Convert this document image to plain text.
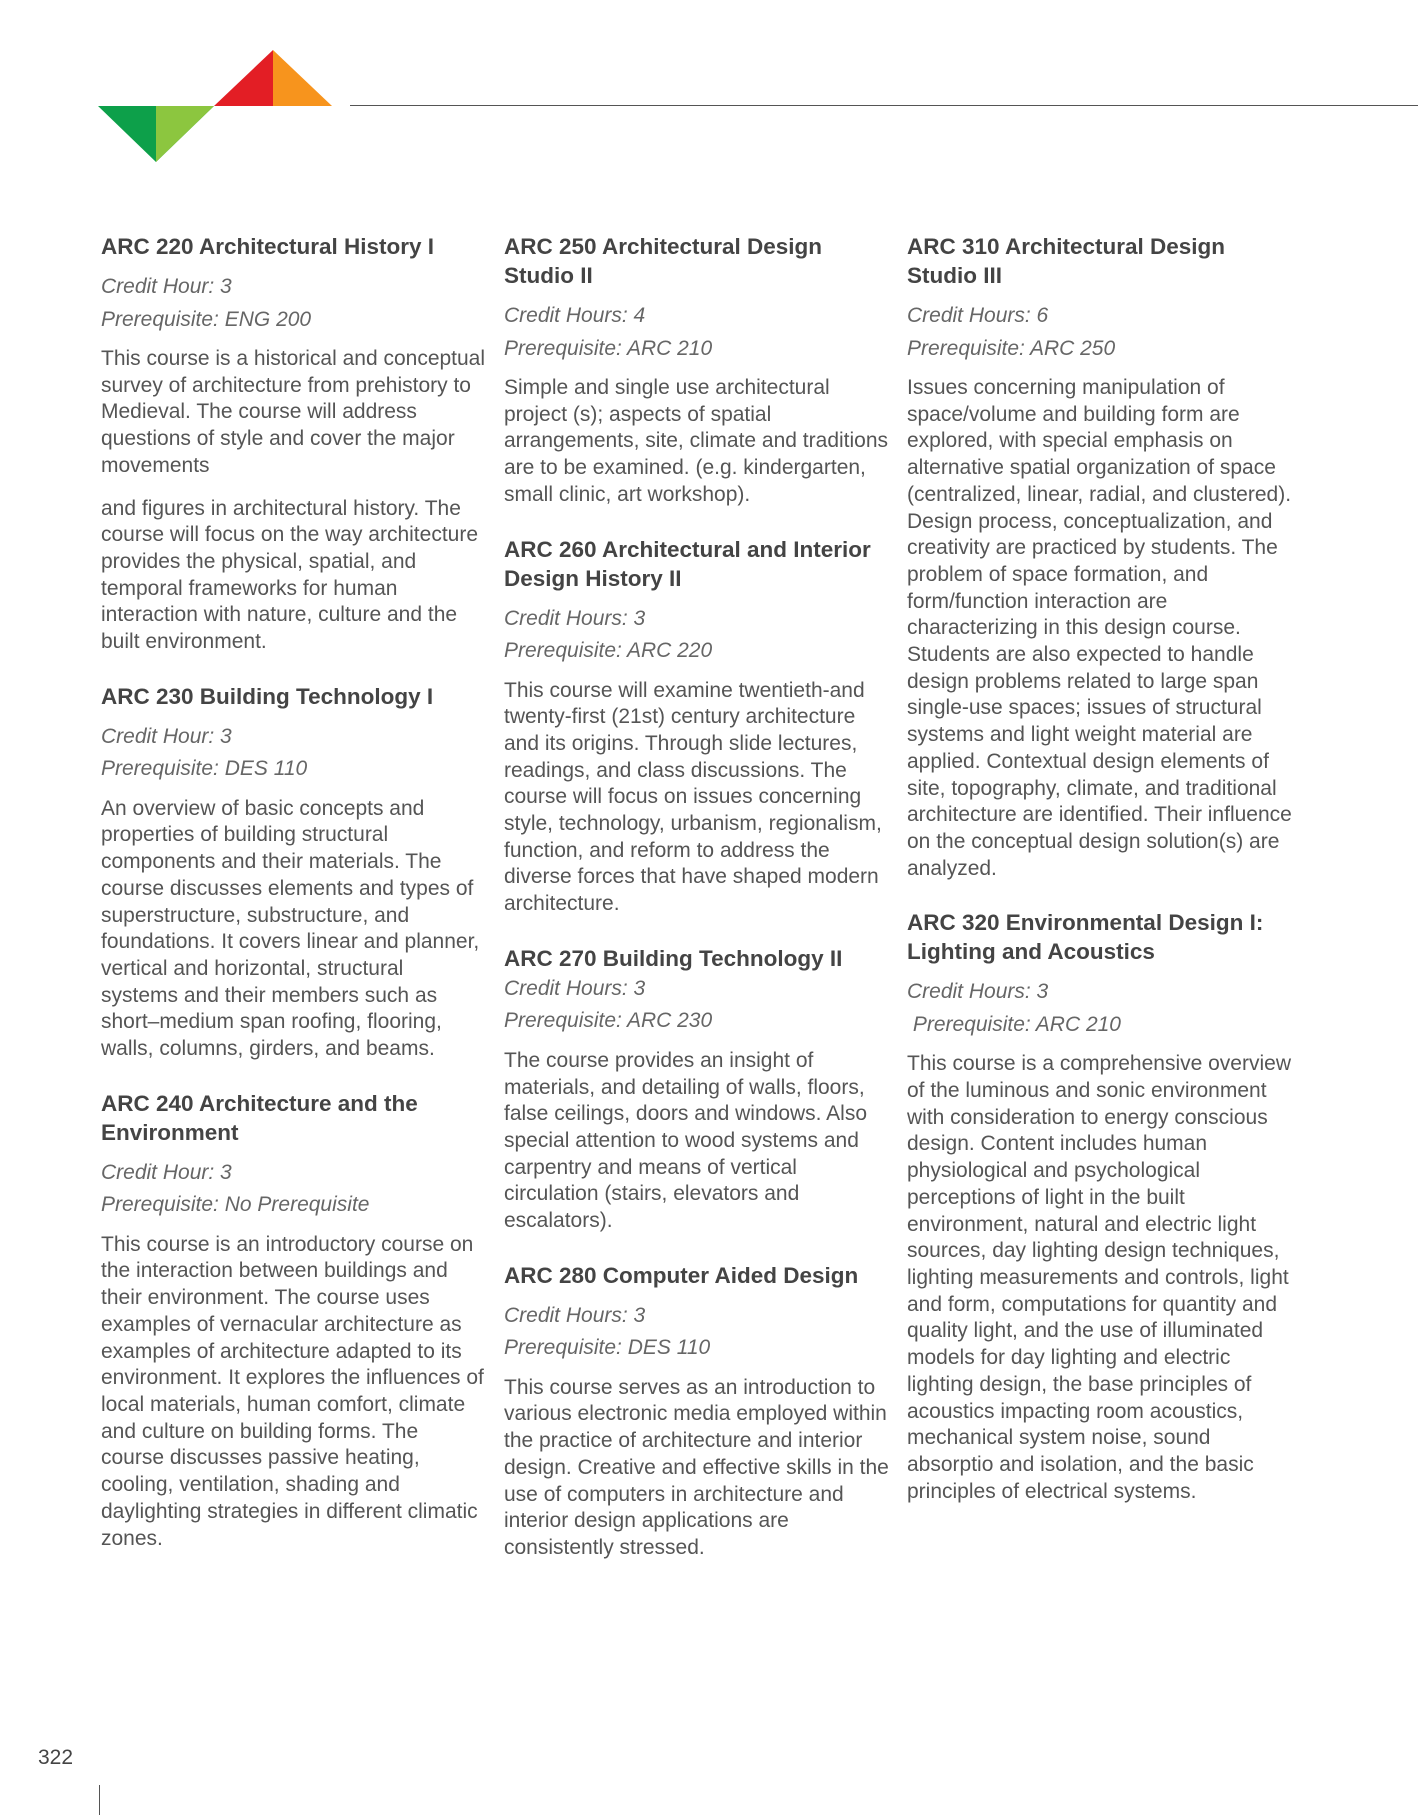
ARC 220 Architectural History I

Credit Hour: 3

Prerequisite: ENG 200

This course is a historical and conceptual survey of architecture from prehistory to Medieval. The course will address questions of style and cover the major movements

and figures in architectural history. The course will focus on the way architecture provides the physical, spatial, and temporal frameworks for human interaction with nature, culture and the built environment.

ARC 230 Building Technology I

Credit Hour: 3

Prerequisite: DES 110

An overview of basic concepts and properties of building structural components and their materials. The course discusses elements and types of superstructure, substructure, and foundations. It covers linear and planner, vertical and horizontal, structural systems and their members such as short–medium span roofing, flooring, walls, columns, girders, and beams.

ARC 240 Architecture and the Environment

Credit Hour: 3

Prerequisite: No Prerequisite

This course is an introductory course on the interaction between buildings and their environment. The course uses examples of vernacular architecture as examples of architecture adapted to its environment. It explores the influences of local materials, human comfort, climate and culture on building forms. The course discusses passive heating, cooling, ventilation, shading and daylighting strategies in different climatic zones.

ARC 250 Architectural Design Studio II

Credit Hours: 4

Prerequisite: ARC 210

Simple and single use architectural project (s); aspects of spatial arrangements, site, climate and traditions are to be examined. (e.g. kindergarten, small clinic, art workshop).

ARC 260 Architectural and Interior Design History II

Credit Hours: 3

Prerequisite: ARC 220

This course will examine twentieth-and twenty-first (21st) century architecture and its origins. Through slide lectures, readings, and class discussions. The course will focus on issues concerning style, technology, urbanism, regionalism, function, and reform to address the diverse forces that have shaped modern architecture.

ARC 270 Building Technology II

Credit Hours: 3

Prerequisite: ARC 230

The course provides an insight of materials, and detailing of walls, floors, false ceilings, doors and windows. Also special attention to wood systems and carpentry and means of vertical circulation (stairs, elevators and escalators).

ARC 280 Computer Aided Design

Credit Hours: 3

Prerequisite: DES 110

This course serves as an introduction to various electronic media employed within the practice of architecture and interior design. Creative and effective skills in the use of computers in architecture and interior design applications are consistently stressed.

ARC 310 Architectural Design Studio III

Credit Hours: 6

Prerequisite: ARC 250

Issues concerning manipulation of space/volume and building form are explored, with special emphasis on alternative spatial organization of space (centralized, linear, radial, and clustered). Design process, conceptualization, and creativity are practiced by students. The problem of space formation, and form/function interaction are characterizing in this design course. Students are also expected to handle design problems related to large span single-use spaces; issues of structural systems and light weight material are applied. Contextual design elements of site, topography, climate, and traditional architecture are identified. Their influence on the conceptual design solution(s) are analyzed.

ARC 320 Environmental Design I: Lighting and Acoustics

Credit Hours: 3

Prerequisite: ARC 210

This course is a comprehensive overview of the luminous and sonic environment with consideration to energy conscious design. Content includes human physiological and psychological perceptions of light in the built environment, natural and electric light sources, day lighting design techniques, lighting measurements and controls, light and form, computations for quantity and quality light, and the use of illuminated models for day lighting and electric lighting design, the base principles of acoustics impacting room acoustics, mechanical system noise, sound absorptio and isolation, and the basic principles of electrical systems.

322
